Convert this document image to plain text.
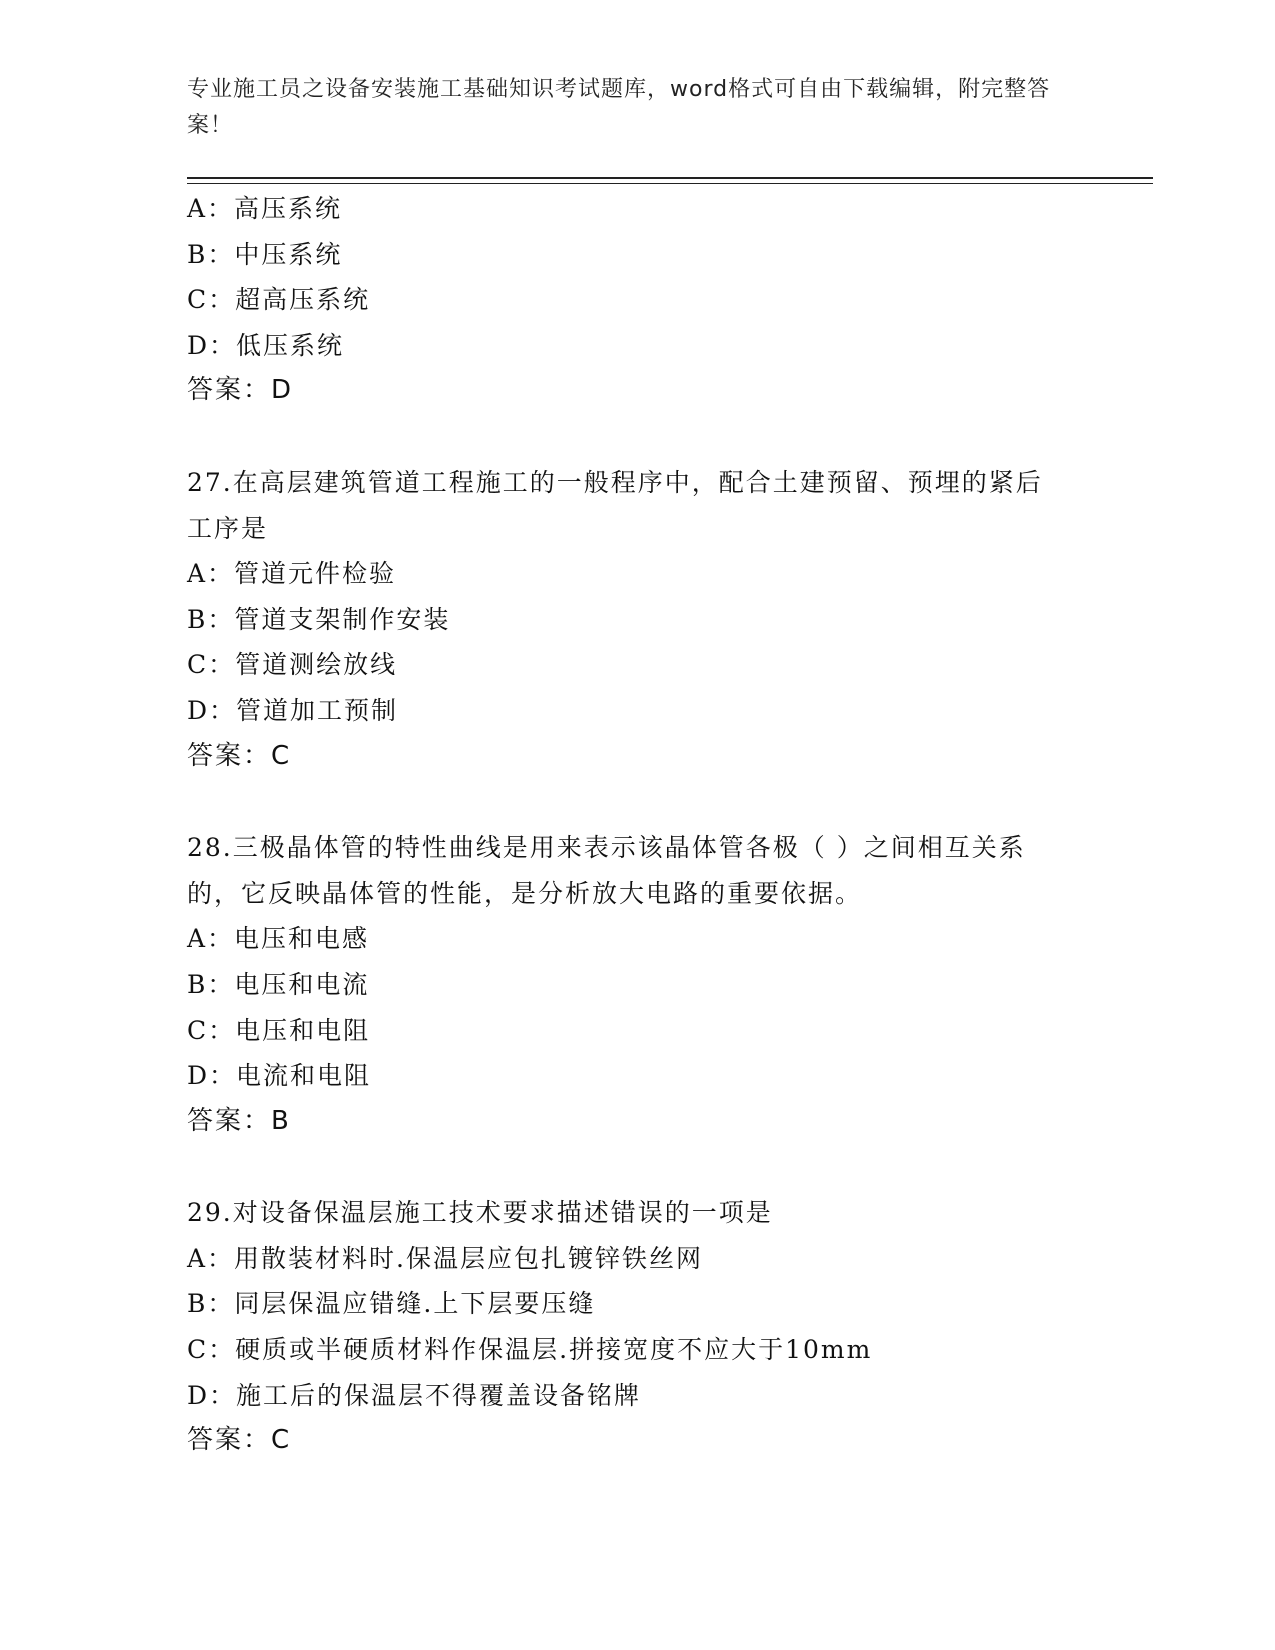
专业施工员之设备安装施工基础知识考试题库，word格式可自由下载编辑，附完整答案！
A：高压系统
B：中压系统
C：超高压系统
D：低压系统
答案：D
27.在高层建筑管道工程施工的一般程序中，配合土建预留、预埋的紧后工序是
A：管道元件检验
B：管道支架制作安装
C：管道测绘放线
D：管道加工预制
答案：C
28.三极晶体管的特性曲线是用来表示该晶体管各极（ ）之间相互关系的，它反映晶体管的性能，是分析放大电路的重要依据。
A：电压和电感
B：电压和电流
C：电压和电阻
D：电流和电阻
答案：B
29.对设备保温层施工技术要求描述错误的一项是
A：用散装材料时.保温层应包扎镀锌铁丝网
B：同层保温应错缝.上下层要压缝
C：硬质或半硬质材料作保温层.拼接宽度不应大于10mm
D：施工后的保温层不得覆盖设备铭牌
答案：C
